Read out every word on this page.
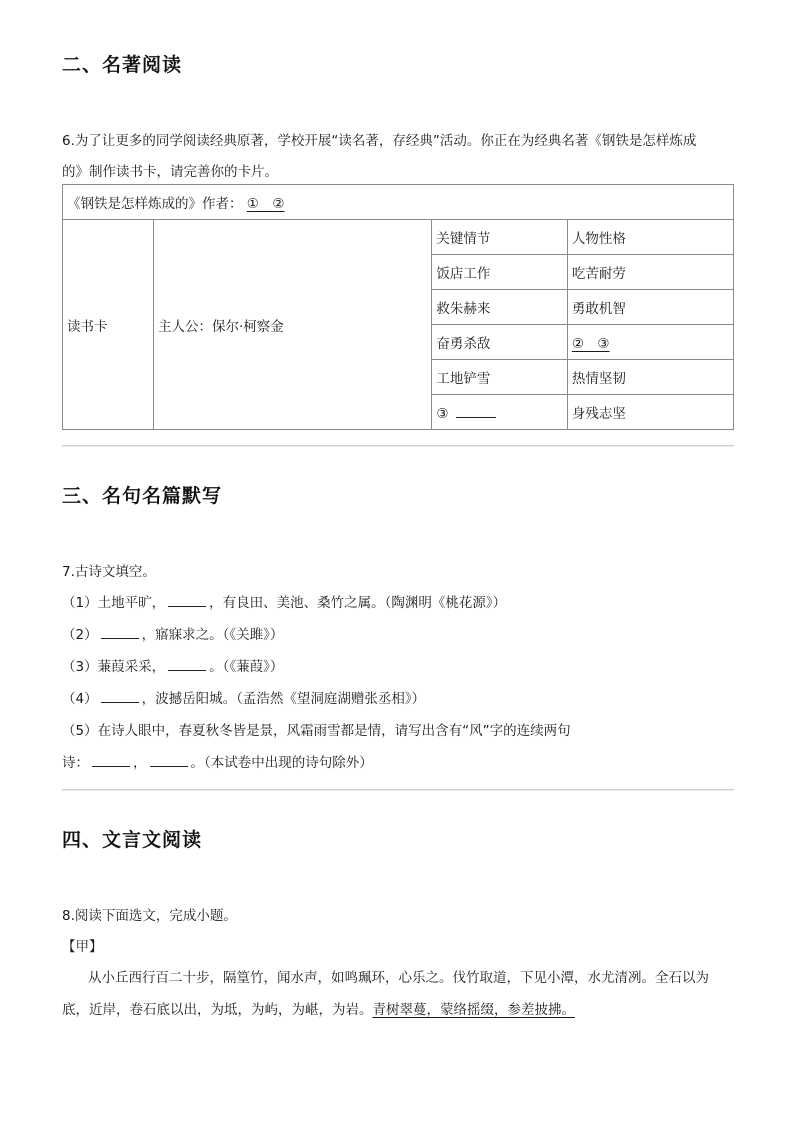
二、名著阅读
6.为了让更多的同学阅读经典原著，学校开展“读名著，存经典”活动。你正在为经典名著《钢铁是怎样炼成
的》制作读书卡，请完善你的卡片。
《钢铁是怎样炼成的》作者： ①　②			
读书卡	主人公：保尔·柯察金	关键情节	人物性格
		饭店工作	吃苦耐劳
		救朱赫来	勇敢机智
		奋勇杀敌	②　③
		工地铲雪	热情坚韧
		③	身残志坚
三、名句名篇默写
7.古诗文填空。
（1）土地平旷，	，有良田、美池、桑竹之属。（陶渊明《桃花源》）
（2）	，寤寐求之。（《关雎》）
（3）蒹葭采采，	。（《蒹葭》）
（4）	，波撼岳阳城。（孟浩然《望洞庭湖赠张丞相》）
（5）在诗人眼中，春夏秋冬皆是景，风霜雨雪都是情，请写出含有“风”字的连续两句
诗：	，	。（本试卷中出现的诗句除外）
四、文言文阅读
8.阅读下面选文，完成小题。
【甲】
从小丘西行百二十步，隔篁竹，闻水声，如鸣珮环，心乐之。伐竹取道，下见小潭，水尤清冽。全石以为
底，近岸，卷石底以出，为坻，为屿，为嵁，为岩。青树翠蔓，蒙络摇缀，参差披拂。
